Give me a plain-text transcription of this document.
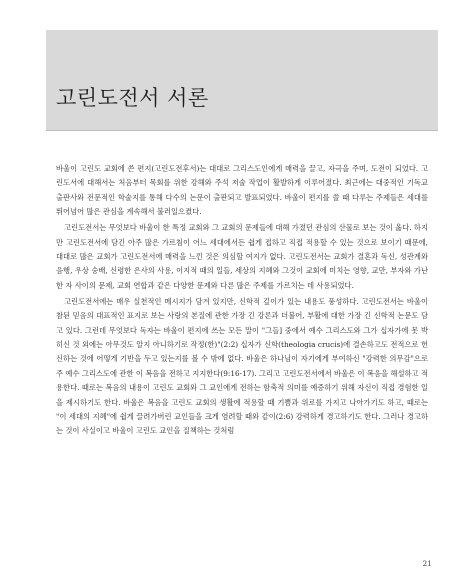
고린도전서 서론

바울이 고린도 교회에 쓴 편지(고린도전후서)는 대대로 그리스도인에게 매력을 끌고, 자극을 주며, 도전이 되었다. 고린도서에 대해서는 처음부터 목회를 위한 강해와 주석 저술 작업이 활발하게 이루어졌다. 최근에는 대중적인 기독교 출판사와 전문적인 학술지를 통해 다수의 논문이 출판되고 발표되었다. 바울이 편지를 쓸 때 다루는 주제들은 세대를 뛰어넘어 많은 관심을 계속해서 불러일으켰다.

고린도전서는 무엇보다 바울이 한 특정 교회와 그 교회의 문제들에 대해 가졌던 관심의 산물로 보는 것이 옳다. 하지만 고린도전서에 담긴 아주 많은 가르침이 어느 세대에서든 쉽게 접하고 직접 적용할 수 있는 것으로 보이기 때문에, 대대로 많은 교회가 고린도전서에 매력을 느낀 것은 의심할 여지가 없다. 고린도전서는 교회가 결혼과 독신, 성관계와 음행, 우상 숭배, 신령한 은사의 사용, 이지적 때의 일들, 세상의 지혜와 그것이 교회에 미치는 영향, 교만, 부자와 가난한 자 사이의 문제, 교회 연합과 같은 다양한 문제와 다른 많은 주제를 가르치는 데 사용되었다.

고린도전서에는 매우 실천적인 메시지가 담겨 있지만, 신학적 깊이가 있는 내용도 풍성하다. 고린도전서는 바울이 참된 믿음의 대표적인 표지로 보는 사랑의 본질에 관한 가장 긴 강론과 더불어, 부활에 대한 가장 긴 신학적 논문도 담고 있다. 그런데 무엇보다 독자는 바울이 편지에 쓰는 모든 말이 "그들] 중에서 예수 그리스도와 그가 십자가에 못 박히신 것 외에는 아무것도 알지 아니하기로 작정(한)"(2:2) 십자가 신학(theologia crucis)에 결손하고도 전적으로 헌신하는 것에 어떻게 기반을 두고 있는지를 볼 수 밖에 없다. 바울은 하나님이 자기에게 부여하신 "강력한 의무감"으로 주 예수 그리스도에 관한 이 복음을 전하고 지지한다(9:16-17). 그리고 고린도전서에서 바울은 이 복음을 해설하고 적용한다. 때로는 복음의 내용이 고린도 교회와 그 교인에게 전하는 함축적 의미를 예증하기 위해 자신이 직접 경험한 일을 제시하기도 한다. 바울은 복음을 고린도 교회의 생활에 적용할 때 기쁨과 위로를 가지고 나아가기도 하고, 때로는 "이 세대의 지혜"에 쉽게 끌려가버린 교인들을 크게 염려할 때와 같이(2:6) 강력하게 경고하기도 한다. 그러나 경고하는 것이 사실이고 바울이 고린도 교인을 질책하는 것처럼

21
